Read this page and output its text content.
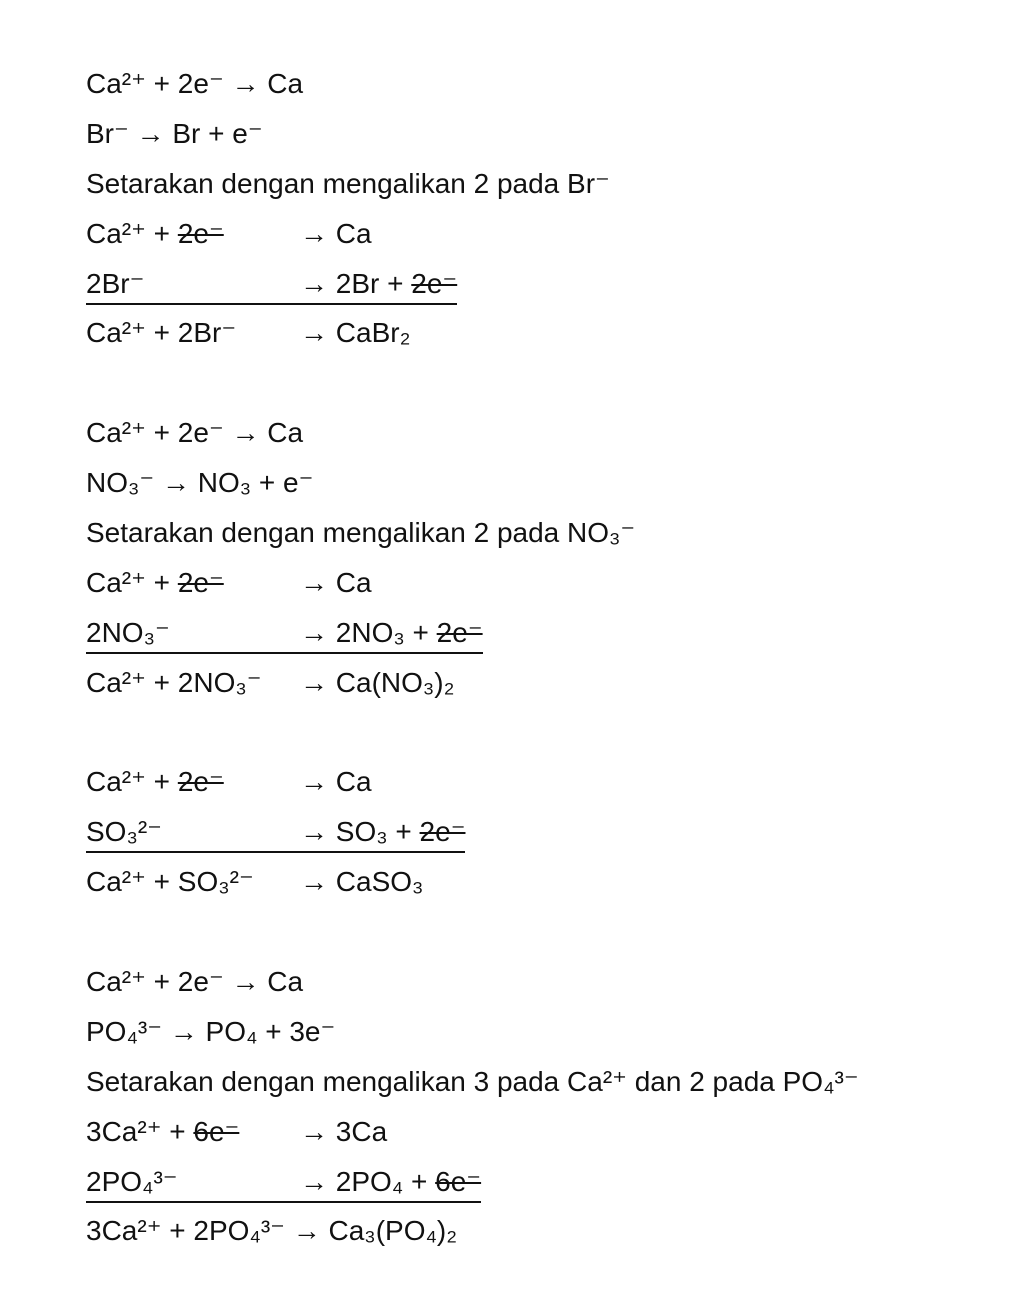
Ca²⁺ + 2e⁻ → Ca
Br⁻ → Br + e⁻
Setarakan dengan mengalikan 2 pada Br⁻
Ca²⁺ + 2e⁻	→ Ca
2Br⁻	→ 2Br + 2e⁻
Ca²⁺ + 2Br⁻	→ CaBr₂
Ca²⁺ + 2e⁻ → Ca
NO₃⁻ → NO₃ + e⁻
Setarakan dengan mengalikan 2 pada NO₃⁻
Ca²⁺ + 2e⁻	→ Ca
2NO₃⁻	→ 2NO₃ + 2e⁻
Ca²⁺ + 2NO₃⁻	→ Ca(NO₃)₂
Ca²⁺ + 2e⁻	→ Ca
SO₃²⁻	→ SO₃ + 2e⁻
Ca²⁺ + SO₃²⁻	→ CaSO₃
Ca²⁺ + 2e⁻ → Ca
PO₄³⁻ → PO₄ + 3e⁻
Setarakan dengan mengalikan 3 pada Ca²⁺ dan 2 pada PO₄³⁻
3Ca²⁺ + 6e⁻	→ 3Ca
2PO₄³⁻	→ 2PO₄ + 6e⁻
3Ca²⁺ + 2PO₄³⁻ → Ca₃(PO₄)₂
